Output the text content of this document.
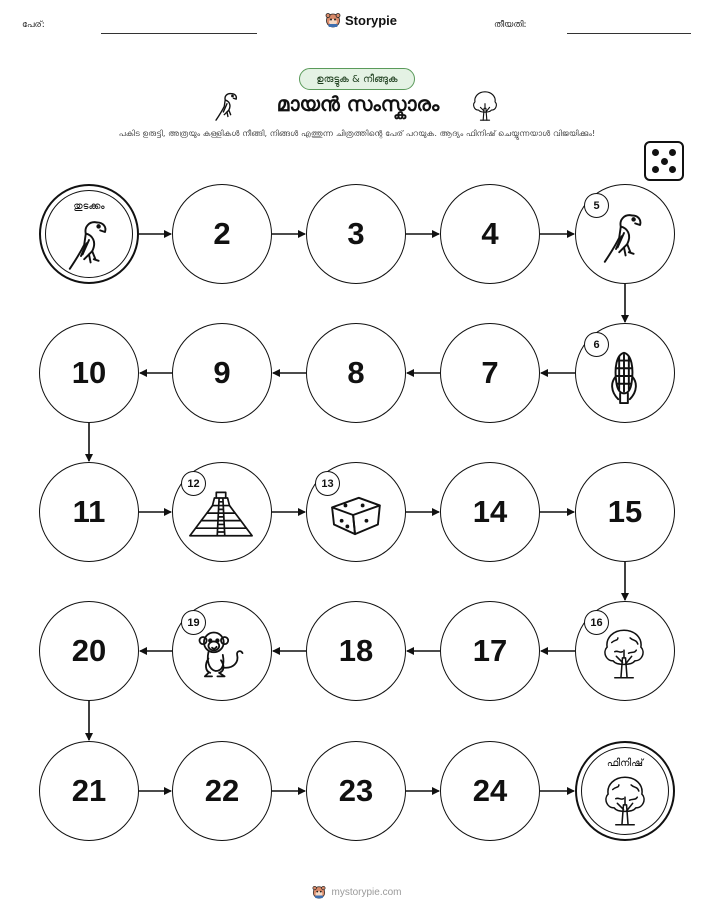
പേര്:	Storypie	തീയതി:
ഉരുട്ടുക & നീങ്ങുക
മായൻ സംസ്കാരം
പകിട ഉരുട്ടി, അത്രയും കള്ളികൾ നീങ്ങി, നിങ്ങൾ എത്തുന്ന ചിത്രത്തിന്റെ പേര് പറയുക. ആദ്യം ഫിനിഷ് ചെയ്യുന്നയാൾ വിജയിക്കും!
തുടക്കം
2	3	4
5
6
7
8
9
10
11
12	13
14	15
16
17
18
19
20
21	22	23	24
ഫിനിഷ്
mystorypie.com
